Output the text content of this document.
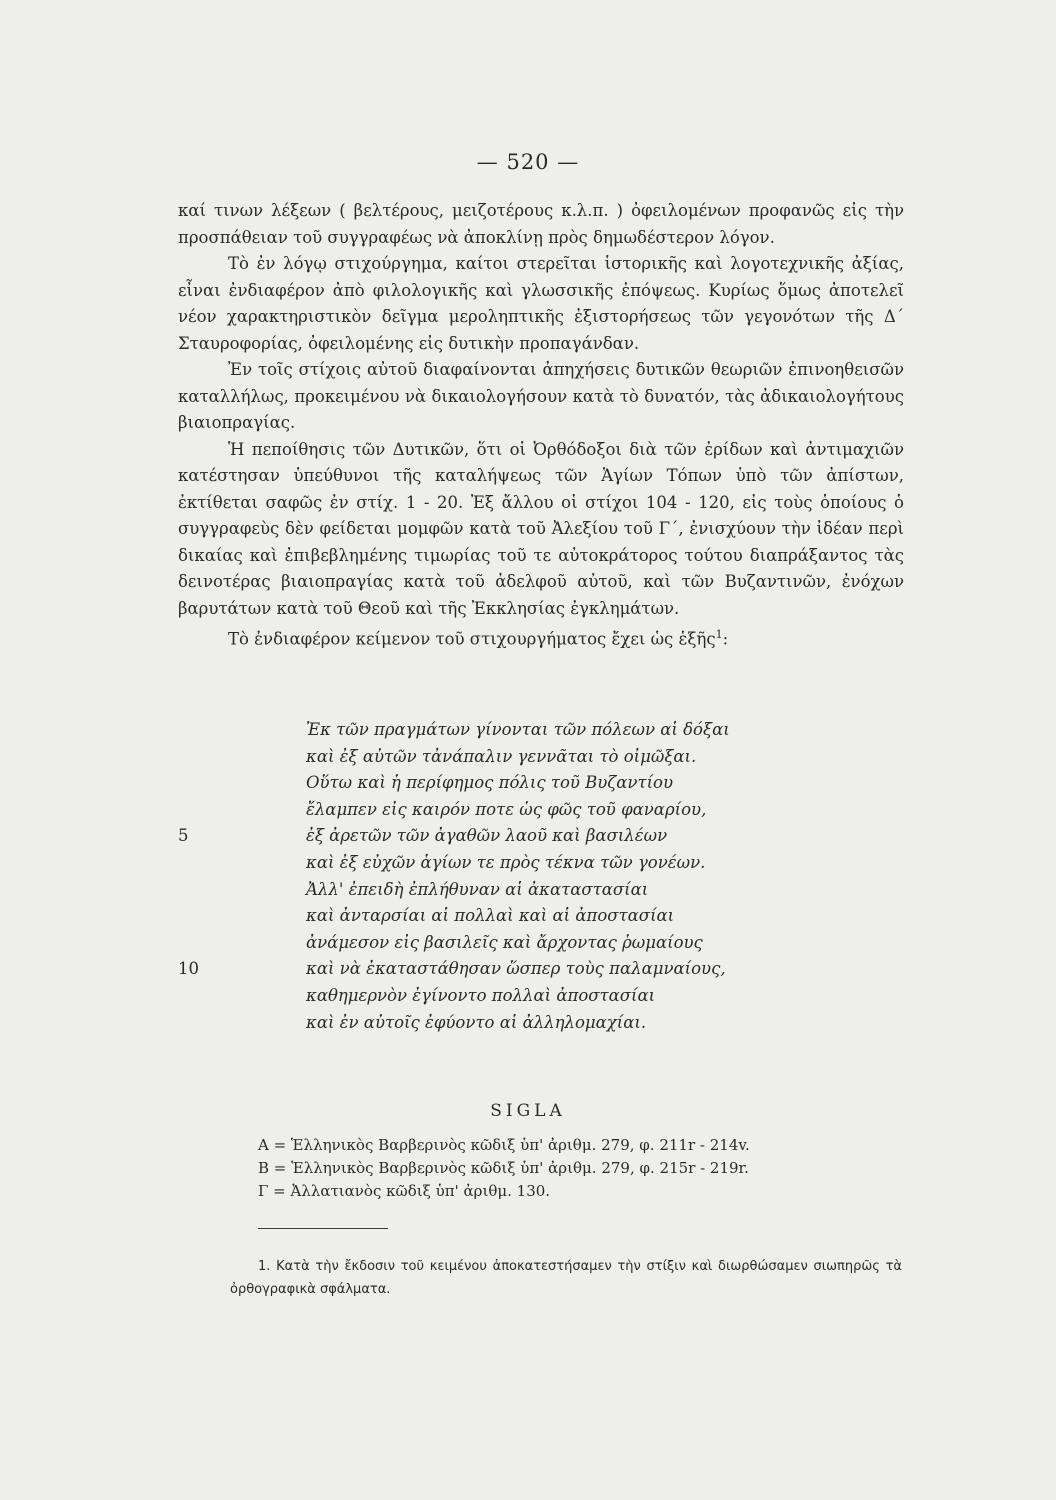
— 520 —

καί τινων λέξεων ( βελτέρους, μειζοτέρους κ.λ.π. ) ὀφειλομένων προφανῶς εἰς τὴν προσπάθειαν τοῦ συγγραφέως νὰ ἀποκλίνῃ πρὸς δημωδέστερον λόγον.

Τὸ ἐν λόγῳ στιχούργημα, καίτοι στερεῖται ἱστορικῆς καὶ λογοτεχνικῆς ἀξίας, εἶναι ἐνδιαφέρον ἀπὸ φιλολογικῆς καὶ γλωσσικῆς ἐπόψεως. Κυρίως ὅμως ἀποτελεῖ νέον χαρακτηριστικὸν δεῖγμα μεροληπτικῆς ἐξιστορήσεως τῶν γεγονότων τῆς Δ΄ Σταυροφορίας, ὀφειλομένης εἰς δυτικὴν προπαγάνδαν.

Ἐν τοῖς στίχοις αὐτοῦ διαφαίνονται ἀπηχήσεις δυτικῶν θεωριῶν ἐπινοηθεισῶν καταλλήλως, προκειμένου νὰ δικαιολογήσουν κατὰ τὸ δυνατόν, τὰς ἀδικαιολογήτους βιαιοπραγίας.

Ἡ πεποίθησις τῶν Δυτικῶν, ὅτι οἱ Ὀρθόδοξοι διὰ τῶν ἐρίδων καὶ ἀντιμαχιῶν κατέστησαν ὑπεύθυνοι τῆς καταλήψεως τῶν Ἁγίων Τόπων ὑπὸ τῶν ἀπίστων, ἐκτίθεται σαφῶς ἐν στίχ. 1 - 20. Ἐξ ἄλλου οἱ στίχοι 104 - 120, εἰς τοὺς ὁποίους ὁ συγγραφεὺς δὲν φείδεται μομφῶν κατὰ τοῦ Ἀλεξίου τοῦ Γ΄, ἐνισχύουν τὴν ἰδέαν περὶ δικαίας καὶ ἐπιβεβλημένης τιμωρίας τοῦ τε αὐτοκράτορος τούτου διαπράξαντος τὰς δεινοτέρας βιαιοπραγίας κατὰ τοῦ ἀδελφοῦ αὐτοῦ, καὶ τῶν Βυζαντινῶν, ἐνόχων βαρυτάτων κατὰ τοῦ Θεοῦ καὶ τῆς Ἐκκλησίας ἐγκλημάτων.

Τὸ ἐνδιαφέρον κείμενον τοῦ στιχουργήματος ἔχει ὡς ἑξῆς$^1$:

Ἐκ τῶν πραγμάτων γίνονται τῶν πόλεων αἱ δόξαι
καὶ ἐξ αὐτῶν τἀνάπαλιν γεννᾶται τὸ οἰμῶξαι.
Οὕτω καὶ ἡ περίφημος πόλις τοῦ Βυζαντίου
ἔλαμπεν εἰς καιρόν ποτε ὡς φῶς τοῦ φαναρίου,
5	ἐξ ἀρετῶν τῶν ἀγαθῶν λαοῦ καὶ βασιλέων
καὶ ἐξ εὐχῶν ἁγίων τε πρὸς τέκνα τῶν γονέων.
Ἀλλ' ἐπειδὴ ἐπλήθυναν αἱ ἀκαταστασίαι
καὶ ἀνταρσίαι αἱ πολλαὶ καὶ αἱ ἀποστασίαι
ἀνάμεσον εἰς βασιλεῖς καὶ ἄρχοντας ῥωμαίους
10	καὶ νὰ ἐκαταστάθησαν ὥσπερ τοὺς παλαμναίους,
καθημερνὸν ἐγίνοντο πολλαὶ ἀποστασίαι
καὶ ἐν αὐτοῖς ἐφύοντο αἱ ἀλληλομαχίαι.
SIGLA
A = Ἑλληνικὸς Βαρβερινὸς κῶδιξ ὑπ' ἀριθμ. 279, φ. 211r - 214v.
B = Ἑλληνικὸς Βαρβερινὸς κῶδιξ ὑπ' ἀριθμ. 279, φ. 215r - 219r.
Γ = Ἀλλατιανὸς κῶδιξ ὑπ' ἀριθμ. 130.

1. Κατὰ τὴν ἔκδοσιν τοῦ κειμένου ἀποκατεστήσαμεν τὴν στίξιν καὶ διωρθώσαμεν σιωπηρῶς τὰ ὀρθογραφικὰ σφάλματα.
